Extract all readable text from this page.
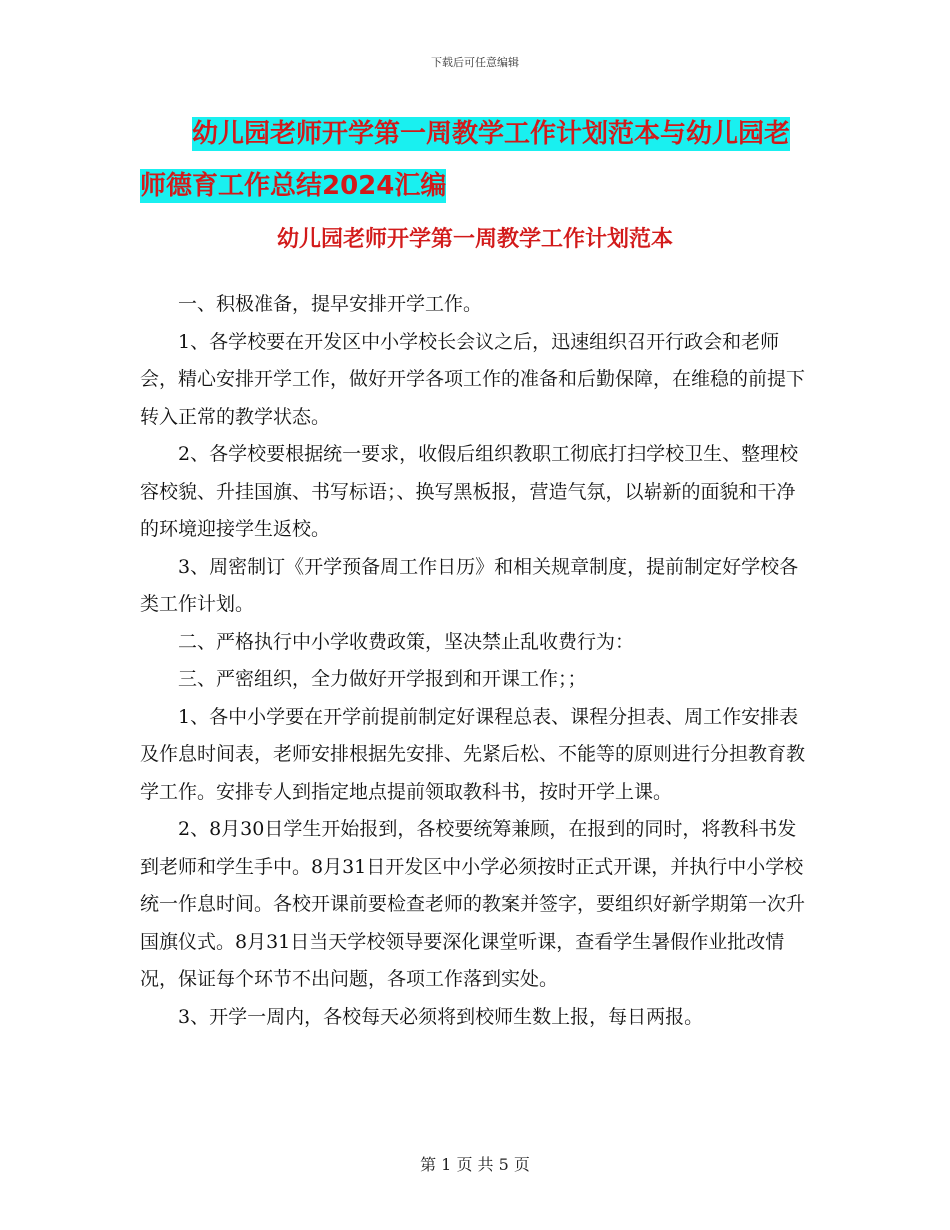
下载后可任意编辑
幼儿园老师开学第一周教学工作计划范本与幼儿园老
师德育工作总结2024汇编
幼儿园老师开学第一周教学工作计划范本

一、积极准备，提早安排开学工作。

1、各学校要在开发区中小学校长会议之后，迅速组织召开行政会和老师会，精心安排开学工作，做好开学各项工作的准备和后勤保障，在维稳的前提下转入正常的教学状态。

2、各学校要根据统一要求，收假后组织教职工彻底打扫学校卫生、整理校容校貌、升挂国旗、书写标语；、换写黑板报，营造气氛，以崭新的面貌和干净的环境迎接学生返校。

3、周密制订《开学预备周工作日历》和相关规章制度，提前制定好学校各类工作计划。

二、严格执行中小学收费政策，坚决禁止乱收费行为：

三、严密组织，全力做好开学报到和开课工作；；

1、各中小学要在开学前提前制定好课程总表、课程分担表、周工作安排表及作息时间表，老师安排根据先安排、先紧后松、不能等的原则进行分担教育教学工作。安排专人到指定地点提前领取教科书，按时开学上课。

2、8月30日学生开始报到，各校要统筹兼顾，在报到的同时，将教科书发到老师和学生手中。8月31日开发区中小学必须按时正式开课，并执行中小学校统一作息时间。各校开课前要检查老师的教案并签字，要组织好新学期第一次升国旗仪式。8月31日当天学校领导要深化课堂听课，查看学生暑假作业批改情况，保证每个环节不出问题，各项工作落到实处。

3、开学一周内，各校每天必须将到校师生数上报，每日两报。

第 1 页 共 5 页
